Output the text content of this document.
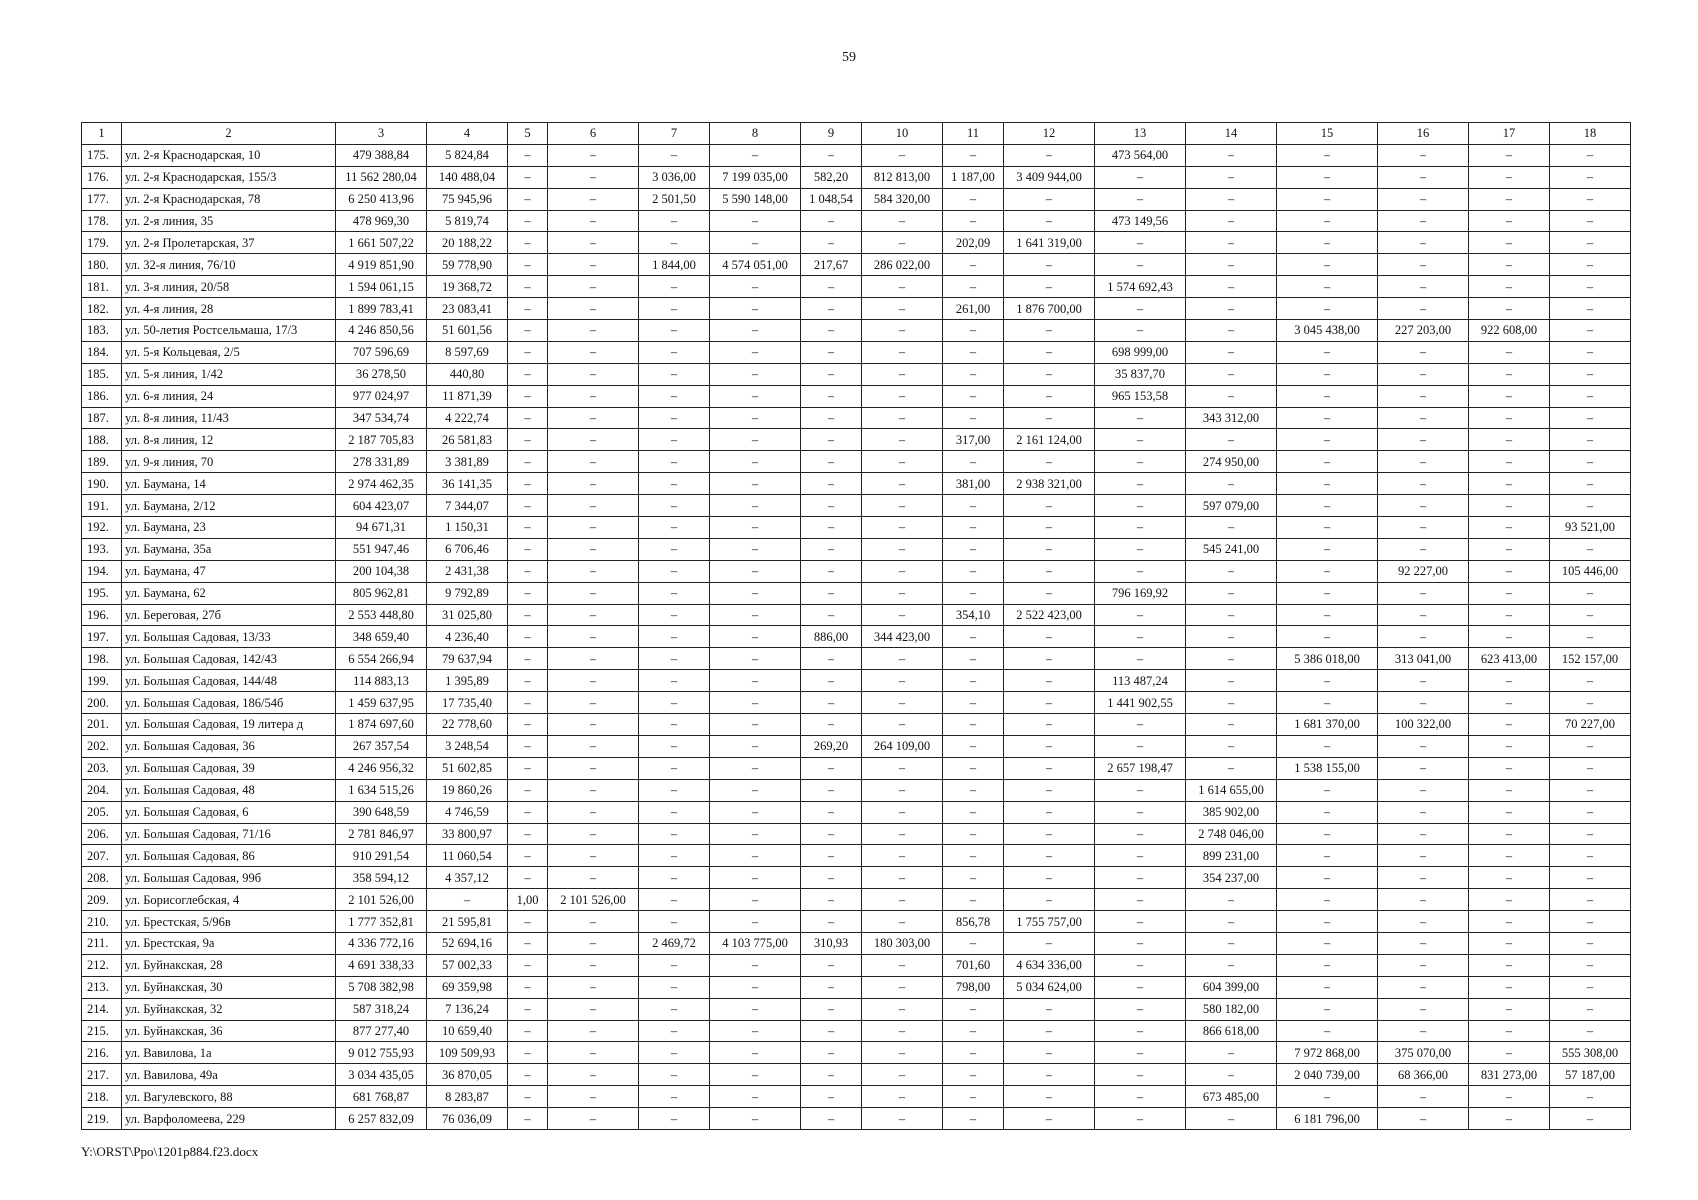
59
1	2	3	4	5	6	7	8	9	10	11	12	13	14	15	16	17	18
175.	ул. 2-я Краснодарская, 10	479 388,84	5 824,84	–	–	–	–	–	–	–	–	473 564,00	–	–	–	–	–
176.	ул. 2-я Краснодарская, 155/3	11 562 280,04	140 488,04	–	–	3 036,00	7 199 035,00	582,20	812 813,00	1 187,00	3 409 944,00	–	–	–	–	–	–
177.	ул. 2-я Краснодарская, 78	6 250 413,96	75 945,96	–	–	2 501,50	5 590 148,00	1 048,54	584 320,00	–	–	–	–	–	–	–	–
178.	ул. 2-я линия, 35	478 969,30	5 819,74	–	–	–	–	–	–	–	–	473 149,56	–	–	–	–	–
179.	ул. 2-я Пролетарская, 37	1 661 507,22	20 188,22	–	–	–	–	–	–	202,09	1 641 319,00	–	–	–	–	–	–
180.	ул. 32-я линия, 76/10	4 919 851,90	59 778,90	–	–	1 844,00	4 574 051,00	217,67	286 022,00	–	–	–	–	–	–	–	–
181.	ул. 3-я линия, 20/58	1 594 061,15	19 368,72	–	–	–	–	–	–	–	–	1 574 692,43	–	–	–	–	–
182.	ул. 4-я линия, 28	1 899 783,41	23 083,41	–	–	–	–	–	–	261,00	1 876 700,00	–	–	–	–	–	–
183.	ул. 50-летия Ростсельмаша, 17/3	4 246 850,56	51 601,56	–	–	–	–	–	–	–	–	–	–	3 045 438,00	227 203,00	922 608,00	–
184.	ул. 5-я Кольцевая, 2/5	707 596,69	8 597,69	–	–	–	–	–	–	–	–	698 999,00	–	–	–	–	–
185.	ул. 5-я линия, 1/42	36 278,50	440,80	–	–	–	–	–	–	–	–	35 837,70	–	–	–	–	–
186.	ул. 6-я линия, 24	977 024,97	11 871,39	–	–	–	–	–	–	–	–	965 153,58	–	–	–	–	–
187.	ул. 8-я линия, 11/43	347 534,74	4 222,74	–	–	–	–	–	–	–	–	–	343 312,00	–	–	–	–
188.	ул. 8-я линия, 12	2 187 705,83	26 581,83	–	–	–	–	–	–	317,00	2 161 124,00	–	–	–	–	–	–
189.	ул. 9-я линия, 70	278 331,89	3 381,89	–	–	–	–	–	–	–	–	–	274 950,00	–	–	–	–
190.	ул. Баумана, 14	2 974 462,35	36 141,35	–	–	–	–	–	–	381,00	2 938 321,00	–	–	–	–	–	–
191.	ул. Баумана, 2/12	604 423,07	7 344,07	–	–	–	–	–	–	–	–	–	597 079,00	–	–	–	–
192.	ул. Баумана, 23	94 671,31	1 150,31	–	–	–	–	–	–	–	–	–	–	–	–	–	93 521,00
193.	ул. Баумана, 35а	551 947,46	6 706,46	–	–	–	–	–	–	–	–	–	545 241,00	–	–	–	–
194.	ул. Баумана, 47	200 104,38	2 431,38	–	–	–	–	–	–	–	–	–	–	–	92 227,00	–	105 446,00
195.	ул. Баумана, 62	805 962,81	9 792,89	–	–	–	–	–	–	–	–	796 169,92	–	–	–	–	–
196.	ул. Береговая, 27б	2 553 448,80	31 025,80	–	–	–	–	–	–	354,10	2 522 423,00	–	–	–	–	–	–
197.	ул. Большая Садовая, 13/33	348 659,40	4 236,40	–	–	–	–	886,00	344 423,00	–	–	–	–	–	–	–	–
198.	ул. Большая Садовая, 142/43	6 554 266,94	79 637,94	–	–	–	–	–	–	–	–	–	–	5 386 018,00	313 041,00	623 413,00	152 157,00
199.	ул. Большая Садовая, 144/48	114 883,13	1 395,89	–	–	–	–	–	–	–	–	113 487,24	–	–	–	–	–
200.	ул. Большая Садовая, 186/54б	1 459 637,95	17 735,40	–	–	–	–	–	–	–	–	1 441 902,55	–	–	–	–	–
201.	ул. Большая Садовая, 19 литера д	1 874 697,60	22 778,60	–	–	–	–	–	–	–	–	–	–	1 681 370,00	100 322,00	–	70 227,00
202.	ул. Большая Садовая, 36	267 357,54	3 248,54	–	–	–	–	269,20	264 109,00	–	–	–	–	–	–	–	–
203.	ул. Большая Садовая, 39	4 246 956,32	51 602,85	–	–	–	–	–	–	–	–	2 657 198,47	–	1 538 155,00	–	–	–
204.	ул. Большая Садовая, 48	1 634 515,26	19 860,26	–	–	–	–	–	–	–	–	–	1 614 655,00	–	–	–	–
205.	ул. Большая Садовая, 6	390 648,59	4 746,59	–	–	–	–	–	–	–	–	–	385 902,00	–	–	–	–
206.	ул. Большая Садовая, 71/16	2 781 846,97	33 800,97	–	–	–	–	–	–	–	–	–	2 748 046,00	–	–	–	–
207.	ул. Большая Садовая, 86	910 291,54	11 060,54	–	–	–	–	–	–	–	–	–	899 231,00	–	–	–	–
208.	ул. Большая Садовая, 99б	358 594,12	4 357,12	–	–	–	–	–	–	–	–	–	354 237,00	–	–	–	–
209.	ул. Борисоглебская, 4	2 101 526,00	–	1,00	2 101 526,00	–	–	–	–	–	–	–	–	–	–	–	–
210.	ул. Брестская, 5/96в	1 777 352,81	21 595,81	–	–	–	–	–	–	856,78	1 755 757,00	–	–	–	–	–	–
211.	ул. Брестская, 9а	4 336 772,16	52 694,16	–	–	2 469,72	4 103 775,00	310,93	180 303,00	–	–	–	–	–	–	–	–
212.	ул. Буйнакская, 28	4 691 338,33	57 002,33	–	–	–	–	–	–	701,60	4 634 336,00	–	–	–	–	–	–
213.	ул. Буйнакская, 30	5 708 382,98	69 359,98	–	–	–	–	–	–	798,00	5 034 624,00	–	604 399,00	–	–	–	–
214.	ул. Буйнакская, 32	587 318,24	7 136,24	–	–	–	–	–	–	–	–	–	580 182,00	–	–	–	–
215.	ул. Буйнакская, 36	877 277,40	10 659,40	–	–	–	–	–	–	–	–	–	866 618,00	–	–	–	–
216.	ул. Вавилова, 1а	9 012 755,93	109 509,93	–	–	–	–	–	–	–	–	–	–	7 972 868,00	375 070,00	–	555 308,00
217.	ул. Вавилова, 49а	3 034 435,05	36 870,05	–	–	–	–	–	–	–	–	–	–	2 040 739,00	68 366,00	831 273,00	57 187,00
218.	ул. Вагулевского, 88	681 768,87	8 283,87	–	–	–	–	–	–	–	–	–	673 485,00	–	–	–	–
219.	ул. Варфоломеева, 229	6 257 832,09	76 036,09	–	–	–	–	–	–	–	–	–	–	6 181 796,00	–	–	–
Y:\ORST\Ppo\1201p884.f23.docx
